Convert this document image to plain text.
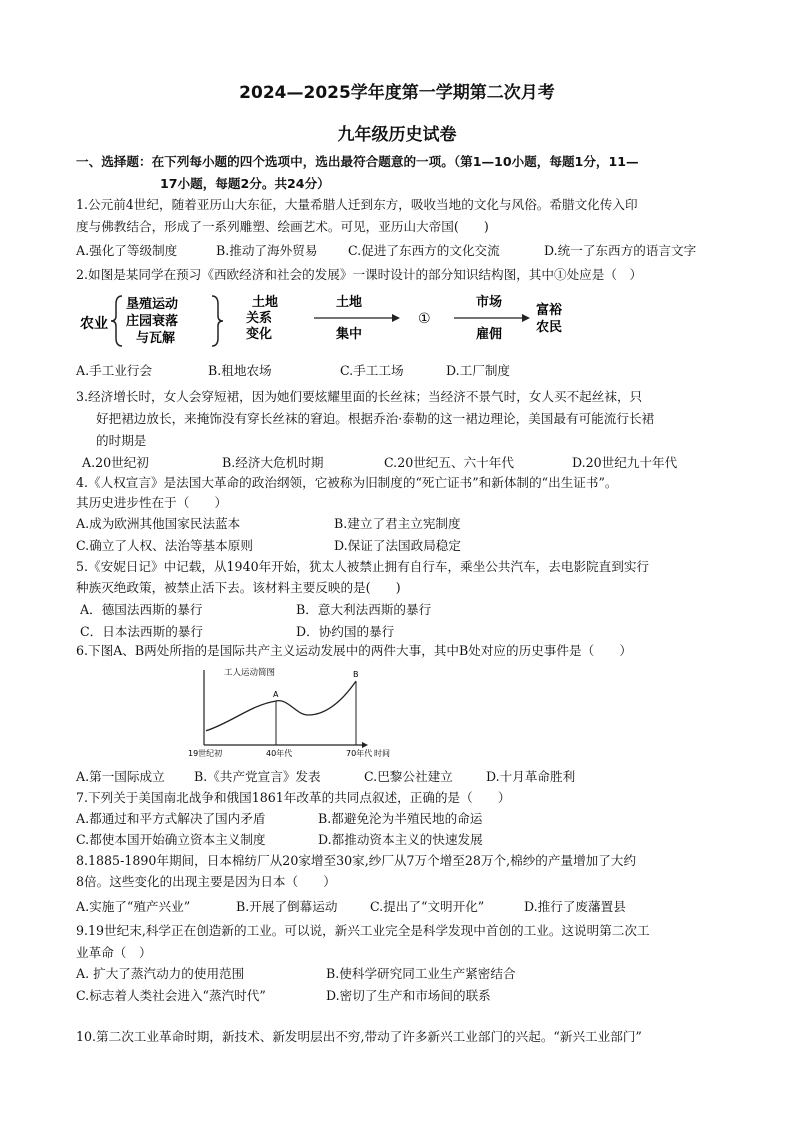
2024—2025学年度第一学期第二次月考
九年级历史试卷
一、选择题：在下列每小题的四个选项中，选出最符合题意的一项。（第1—10小题，每题1分，11—
17小题，每题2分。共24分）
1.公元前4世纪，随着亚历山大东征，大量希腊人迁到东方，吸收当地的文化与风俗。希腊文化传入印
度与佛教结合，形成了一系列雕塑、绘画艺术。可见，亚历山大帝国(　　)
A.强化了等级制度	B.推动了海外贸易 C.促进了东西方的文化交流	D.统一了东西方的语言文字
2.如图是某同学在预习《西欧经济和社会的发展》一课时设计的部分知识结构图，其中①处应是（　）
农业
垦殖运动
庄园衰落
与瓦解
土地
关系
变化
土地
集中
①
市场
雇佣
富裕
农民
A.手工业行会	B.租地农场	C.手工工场	D.工厂制度
3.经济增长时，女人会穿短裙，因为她们要炫耀里面的长丝袜；当经济不景气时，女人买不起丝袜，只
好把裙边放长，来掩饰没有穿长丝袜的窘迫。根据乔治·泰勒的这一裙边理论，美国最有可能流行长裙
的时期是
A.20世纪初	B.经济大危机时期	C.20世纪五、六十年代	D.20世纪九十年代
4.《人权宣言》是法国大革命的政治纲领，它被称为旧制度的“死亡证书”和新体制的“出生证书”。
其历史进步性在于（　　）
A.成为欧洲其他国家民法蓝本	B.建立了君主立宪制度
C.确立了人权、法治等基本原则	D.保证了法国政局稳定
5.《安妮日记》中记载，从1940年开始，犹太人被禁止拥有自行车，乘坐公共汽车，去电影院直到实行
种族灭绝政策，被禁止活下去。该材料主要反映的是(　　)
A．德国法西斯的暴行	B．意大利法西斯的暴行
C．日本法西斯的暴行	D．协约国的暴行
6.下图A、B两处所指的是国际共产主义运动发展中的两件大事，其中B处对应的历史事件是（　　）
工人运动简图
A
B
19世纪初	40年代	70年代 时间
A.第一国际成立 B.《共产党宣言》发表	C.巴黎公社建立	D.十月革命胜利
7.下列关于美国南北战争和俄国1861年改革的共同点叙述，正确的是（　　）
A.都通过和平方式解决了国内矛盾	B.都避免沦为半殖民地的命运
C.都使本国开始确立资本主义制度	D.都推动资本主义的快速发展
8.1885-1890年期间，日本棉纺厂从20家增至30家,纱厂从7万个增至28万个,棉纱的产量增加了大约
8倍。这些变化的出现主要是因为日本（　　）
A.实施了“殖产兴业”	B.开展了倒幕运动	C.提出了“文明开化”	D.推行了废藩置县
9.19世纪末,科学正在创造新的工业。可以说，新兴工业完全是科学发现中首创的工业。这说明第二次工
业革命（　）
A. 扩大了蒸汽动力的使用范围	B.使科学研究同工业生产紧密结合
C.标志着人类社会进入“蒸汽时代”	D.密切了生产和市场间的联系
10.第二次工业革命时期，新技术、新发明层出不穷,带动了许多新兴工业部门的兴起。“新兴工业部门”
